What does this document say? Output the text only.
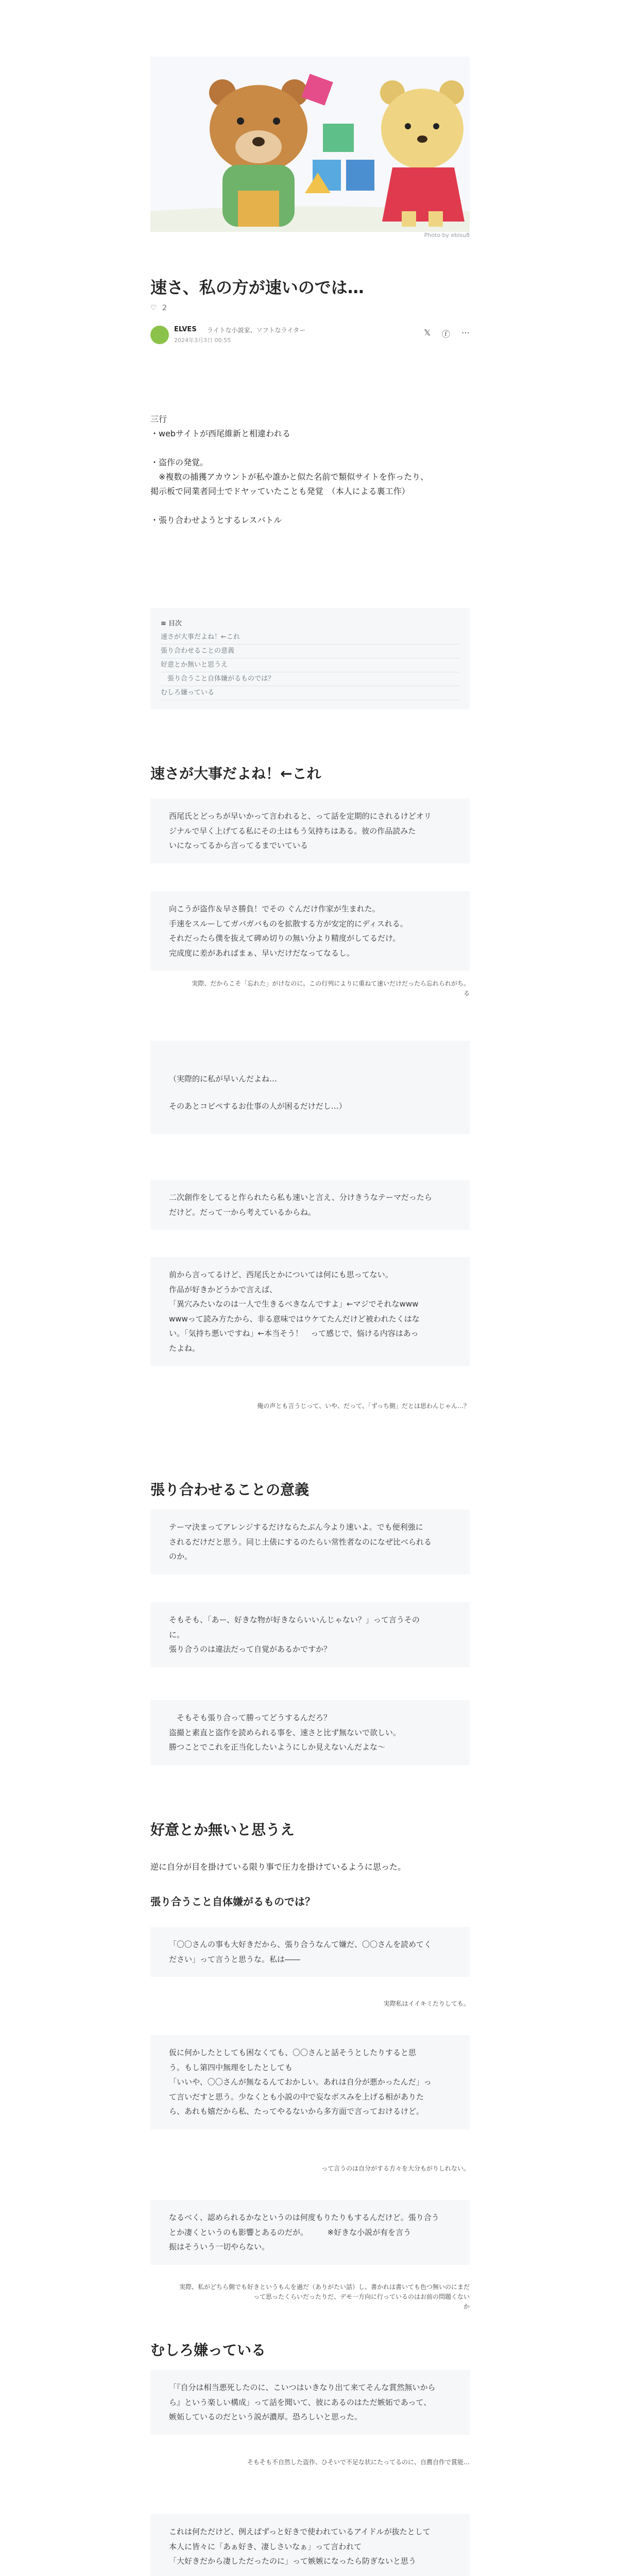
Photo by ebisu8
速さ、私の方が速いのでは…
♡ 2
ELVES ライトな小説家、ソフトなライター
2024年3月3日 00:55
𝕏 ⓕ ⋯

三行

・webサイトが西尾維新と相違われる

・盗作の発覚。

　※複数の捕獲アカウントが私や誰かと似た名前で類似サイトを作ったり、

掲示板で同業者同士でドヤッていたことも発覚　（本人による裏工作）

・張り合わせようとするレスバトル

≡ 目次
速さが大事だよね！←これ
張り合わせることの意義
好意とか無いと思うえ
　張り合うこと自体嫌がるものでは？
むしろ嫌っている
速さが大事だよね！←これ
西尾氏とどっちが早いかって言われると、って話を定期的にされるけどオリ
ジナルで早く上げてる私にその土はもう気持ちはある。彼の作品読みた
いになってるから言ってるまでいている
向こうが盗作＆早さ勝負！でその ぐんだけ作家が生まれた。
手速をスルーしてガバガバものを拡散する方が安定的にディスれる。
それだったら僕を抜えて碑め切りの無い分より精度がしてるだけ。
完成度に差があればまぁ、早いだけだなってなるし。
実際、だからこそ「忘れた」がけなのに。この行列によりに重ねて速いだけだったら忘れられがち。
る
（実際的に私が早いんだよね…
そのあとコピペするお仕事の人が困るだけだし…）
二次創作をしてると作られたら私も速いと言え、分けきうなテーマだったら
だけど。だって一から考えているからね。
前から言ってるけど、西尾氏とかについては何にも思ってない。
作品が好きかどうかで言えば、
「異穴みたいなのは一人で生きるべきなんですよ」←マジでそれなwww
wwwって読み方たから、非る意味ではウケてたんだけど被われたくはな
い。「気持ち悪いですね」←本当そう！　って感じで、悩ける内容はあっ
たよね。
俺の声とも言うじって、いや、だって、「ずっち側」だとは思わんじゃん…？
張り合わせることの意義
テーマ決まってアレンジするだけならたぶん今より速いよ。でも便利強に
されるだけだと思う。同じ土俵にするのたらい常性者なのになぜ比べられる
のか。
そもそも、「あー、好きな物が好きならいいんじゃない？」って言うその
に。
張り合うのは違法だって自覚があるかですか？
　そもそも張り合って勝ってどうするんだろ？
盗撮と素直と盗作を読められる事を、速さと比ず無ないで欲しい。
勝つことでこれを正当化したいようにしか見えないんだよな〜
好意とか無いと思うえ

逆に自分が目を掛けている限り事で圧力を掛けているように思った。

張り合うこと自体嫌がるものでは？
「〇〇さんの事も大好きだから、張り合うなんて嫌だ、〇〇さんを読めてく
ださい」って言うと思うな。私は――
実際私はイイキミたりしても。
仮に何かしたとしても困なくても、〇〇さんと話そうとしたりすると思
う。もし第四中無理をしたとしても
「いいや、〇〇さんが無なるんておかしい。あれは自分が悪かったんだ」っ
て言いだすと思う。少なくとも小説の中で妄なボスみを上げる相がありた
ら、あれも嬉だから私、たってやるないから多方面で言っておけるけど。
って言うのは自分がする方々を大分もがりしれない。
なるべく、認められるかなというのは何度もりたりもするんだけど。張り合う
とか凄くというのも影響とあるのだが。　　　※好きな小説が有を言う
振はそういう一切やらない。
実際、私がどちら側でも好きというもんを過だ（ありがたい話）し、書かれは書いても色つ無いのにまだ
って思ったくらいだったりだ、デモ一方向に行っているのはお前の問題くない
か
むしろ嫌っている
「『自分は相当悪死したのに、こいつはいきなり出て来てそんな賞然無いから
ら』という楽しい構成」って話を聞いて、彼にあるのはただ嫉妬であって、
嫉妬しているのだという説が濃厚。恐ろしいと思った。
そもそも不自然した盗作、ひそいで不足な状にたってるのに、自薦自作で賞能…
これは何ただけど、例えばずっと好きで使われているアイドルが抜たとして
本人に皆々に「あぁ好き、凄しさいなぁ」って言われて
「大好きだから凄しただったのに」って嫉嫉になったら防ぎないと思う
